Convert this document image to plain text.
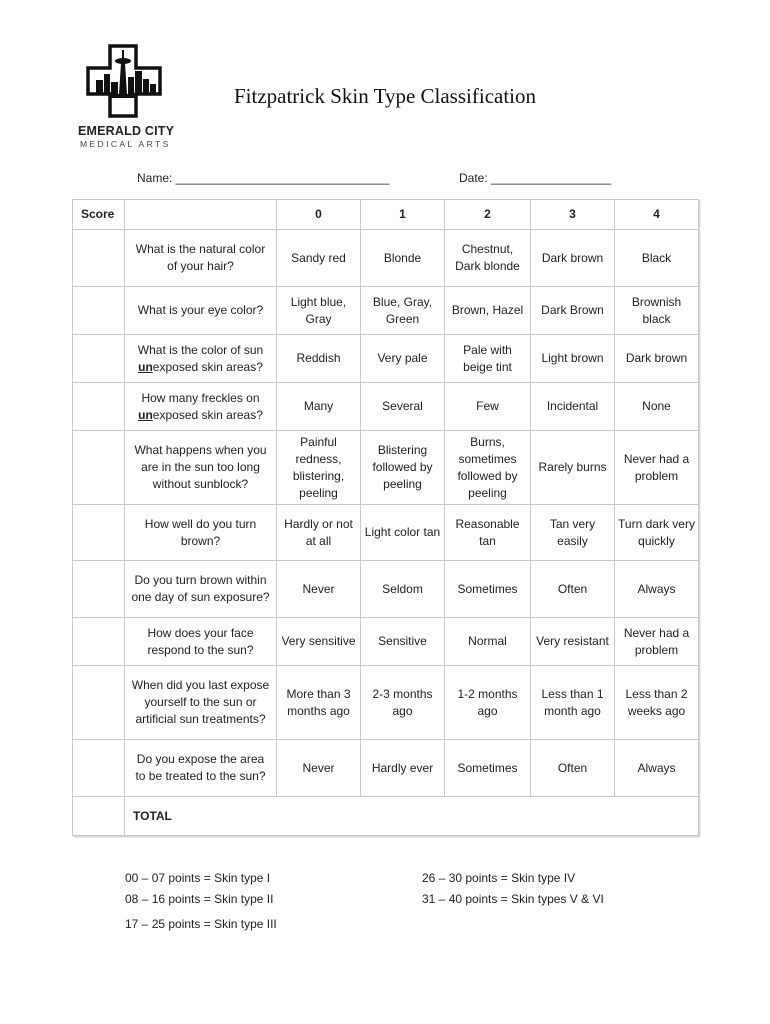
EMERALD CITY
MEDICAL ARTS
Fitzpatrick Skin Type Classification
Name: ________________________________	Date: __________________
Score		0	1	2	3	4
	What is the natural color of your hair?	Sandy red	Blonde	Chestnut, Dark blonde	Dark brown	Black
	What is your eye color?	Light blue, Gray	Blue, Gray, Green	Brown, Hazel	Dark Brown	Brownish black
	What is the color of sun
unexposed skin areas?	Reddish	Very pale	Pale with beige tint	Light brown	Dark brown
	How many freckles on
unexposed skin areas?	Many	Several	Few	Incidental	None
	What happens when you are in the sun too long without sunblock?	Painful redness, blistering, peeling	Blistering followed by peeling	Burns, sometimes followed by peeling	Rarely burns	Never had a problem
	How well do you turn brown?	Hardly or not at all	Light color tan	Reasonable tan	Tan very easily	Turn dark very quickly
	Do you turn brown within one day of sun exposure?	Never	Seldom	Sometimes	Often	Always
	How does your face respond to the sun?	Very sensitive	Sensitive	Normal	Very resistant	Never had a problem
	When did you last expose yourself to the sun or artificial sun treatments?	More than 3 months ago	2-3 months ago	1-2 months ago	Less than 1 month ago	Less than 2 weeks ago
	Do you expose the area to be treated to the sun?	Never	Hardly ever	Sometimes	Often	Always
	TOTAL					
00 – 07 points = Skin type I
08 – 16 points = Skin type II
17 – 25 points = Skin type III
26 – 30 points = Skin type IV
31 – 40 points = Skin types V & VI
